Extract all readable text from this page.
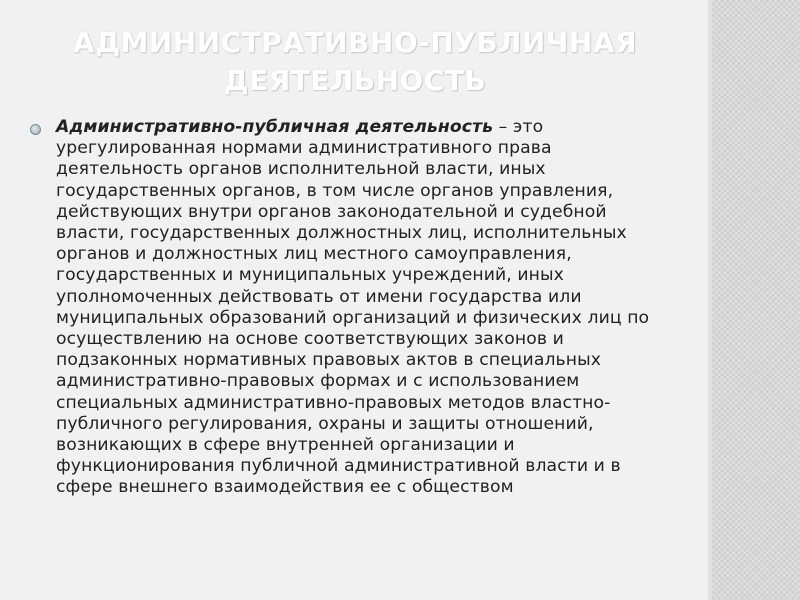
АДМИНИСТРАТИВНО-ПУБЛИЧНАЯ ДЕЯТЕЛЬНОСТЬ
Административно-публичная деятельность – это урегулированная нормами административного права деятельность органов исполнительной власти, иных государственных органов, в том числе органов управления, действующих внутри органов законодательной и судебной власти, государственных должностных лиц, исполнительных органов и должностных лиц местного самоуправления, государственных и муниципальных учреждений, иных уполномоченных действовать от имени государства или муниципальных образований организаций и физических лиц по осуществлению на основе соответствующих законов и подзаконных нормативных правовых актов в специальных административно-правовых формах и с использованием специальных административно-правовых методов властно-публичного регулирования, охраны и защиты отношений, возникающих в сфере внутренней организации и функционирования публичной административной власти и в сфере внешнего взаимодействия ее с обществом
